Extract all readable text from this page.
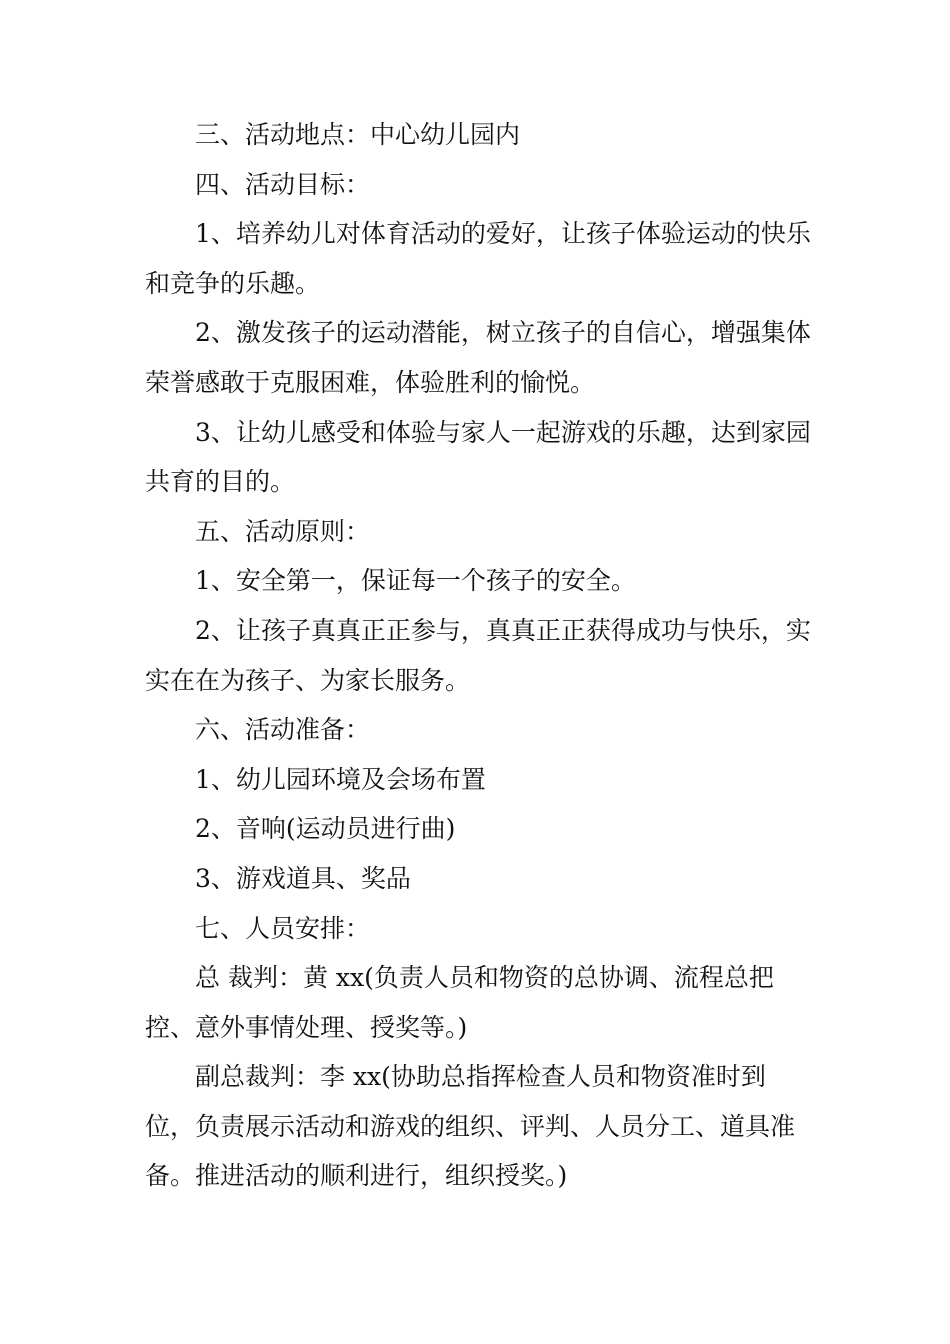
三、活动地点：中心幼儿园内

四、活动目标：

1、培养幼儿对体育活动的爱好，让孩子体验运动的快乐和竞争的乐趣。

2、激发孩子的运动潜能，树立孩子的自信心，增强集体荣誉感敢于克服困难，体验胜利的愉悦。

3、让幼儿感受和体验与家人一起游戏的乐趣，达到家园共育的目的。

五、活动原则：

1、安全第一，保证每一个孩子的安全。

2、让孩子真真正正参与，真真正正获得成功与快乐，实实在在为孩子、为家长服务。

六、活动准备：

1、幼儿园环境及会场布置

2、音响(运动员进行曲)

3、游戏道具、奖品

七、人员安排：

总 裁判：黄 xx(负责人员和物资的总协调、流程总把控、意外事情处理、授奖等。)

副总裁判：李 xx(协助总指挥检查人员和物资准时到位，负责展示活动和游戏的组织、评判、人员分工、道具准备。推进活动的顺利进行，组织授奖。)
